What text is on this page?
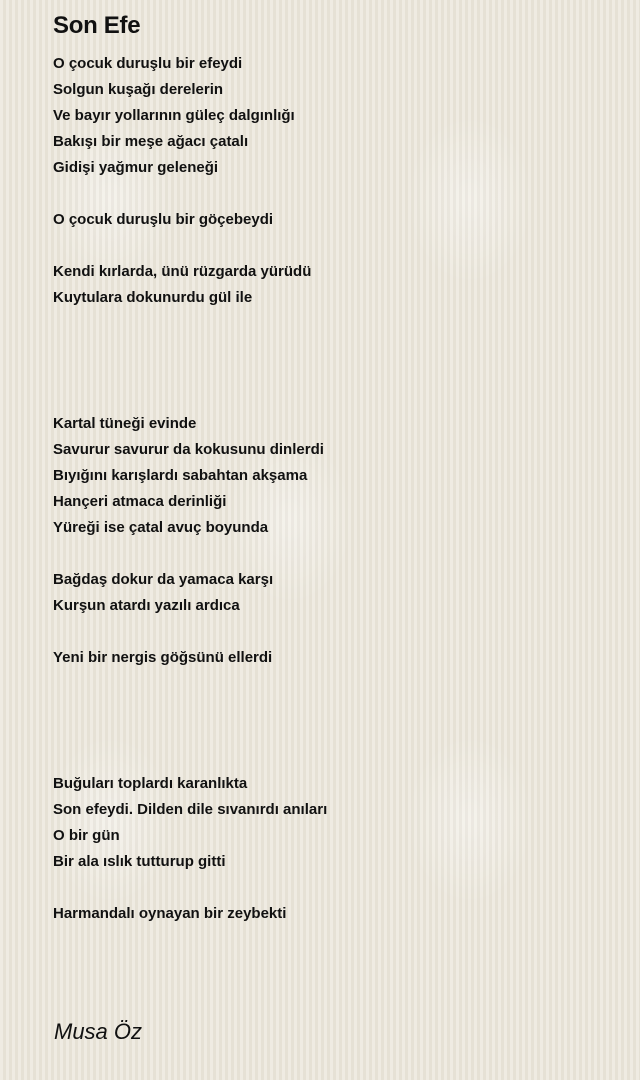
Son Efe
O çocuk duruşlu bir efeydi
Solgun kuşağı derelerin
Ve bayır yollarının güleç dalgınlığı
Bakışı bir meşe ağacı çatalı
Gidişi yağmur geleneği
O çocuk duruşlu bir göçebeydi
Kendi kırlarda, ünü rüzgarda yürüdü
Kuytulara dokunurdu gül ile
Kartal tüneği evinde
Savurur savurur da kokusunu dinlerdi
Bıyığını karışlardı sabahtan akşama
Hançeri atmaca derinliği
Yüreği ise çatal avuç boyunda
Bağdaş dokur da yamaca karşı
Kurşun atardı yazılı ardıca
Yeni bir nergis göğsünü ellerdi
Buğuları toplardı karanlıkta
Son efeydi. Dilden dile sıvanırdı anıları
O bir gün
Bir ala ıslık tutturup gitti
Harmandalı oynayan bir zeybekti
Musa Öz
